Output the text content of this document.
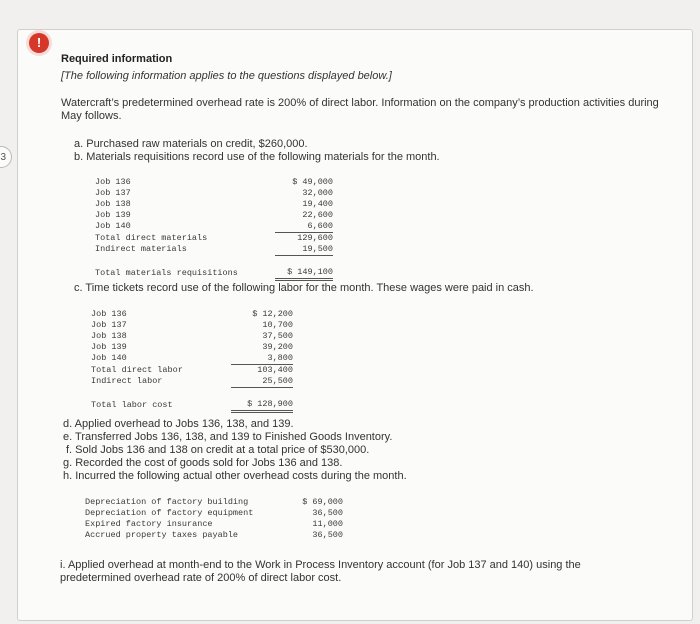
3
!
Required information
[The following information applies to the questions displayed below.]
Watercraft’s predetermined overhead rate is 200% of direct labor. Information on the company’s production activities during May follows.
a. Purchased raw materials on credit, $260,000.
b. Materials requisitions record use of the following materials for the month.
Job 136	$ 49,000
Job 137	32,000
Job 138	19,400
Job 139	22,600
Job 140	6,600
Total direct materials	129,600
Indirect materials	19,500

Total materials requisitions	$ 149,100
c. Time tickets record use of the following labor for the month. These wages were paid in cash.
Job 136	$ 12,200
Job 137	10,700
Job 138	37,500
Job 139	39,200
Job 140	3,800
Total direct labor	103,400
Indirect labor	25,500

Total labor cost	$ 128,900
d. Applied overhead to Jobs 136, 138, and 139.
e. Transferred Jobs 136, 138, and 139 to Finished Goods Inventory.
f. Sold Jobs 136 and 138 on credit at a total price of $530,000.
g. Recorded the cost of goods sold for Jobs 136 and 138.
h. Incurred the following actual other overhead costs during the month.
Depreciation of factory building	$ 69,000
Depreciation of factory equipment	36,500
Expired factory insurance	11,000
Accrued property taxes payable	36,500
i. Applied overhead at month-end to the Work in Process Inventory account (for Job 137 and 140) using the predetermined overhead rate of 200% of direct labor cost.
